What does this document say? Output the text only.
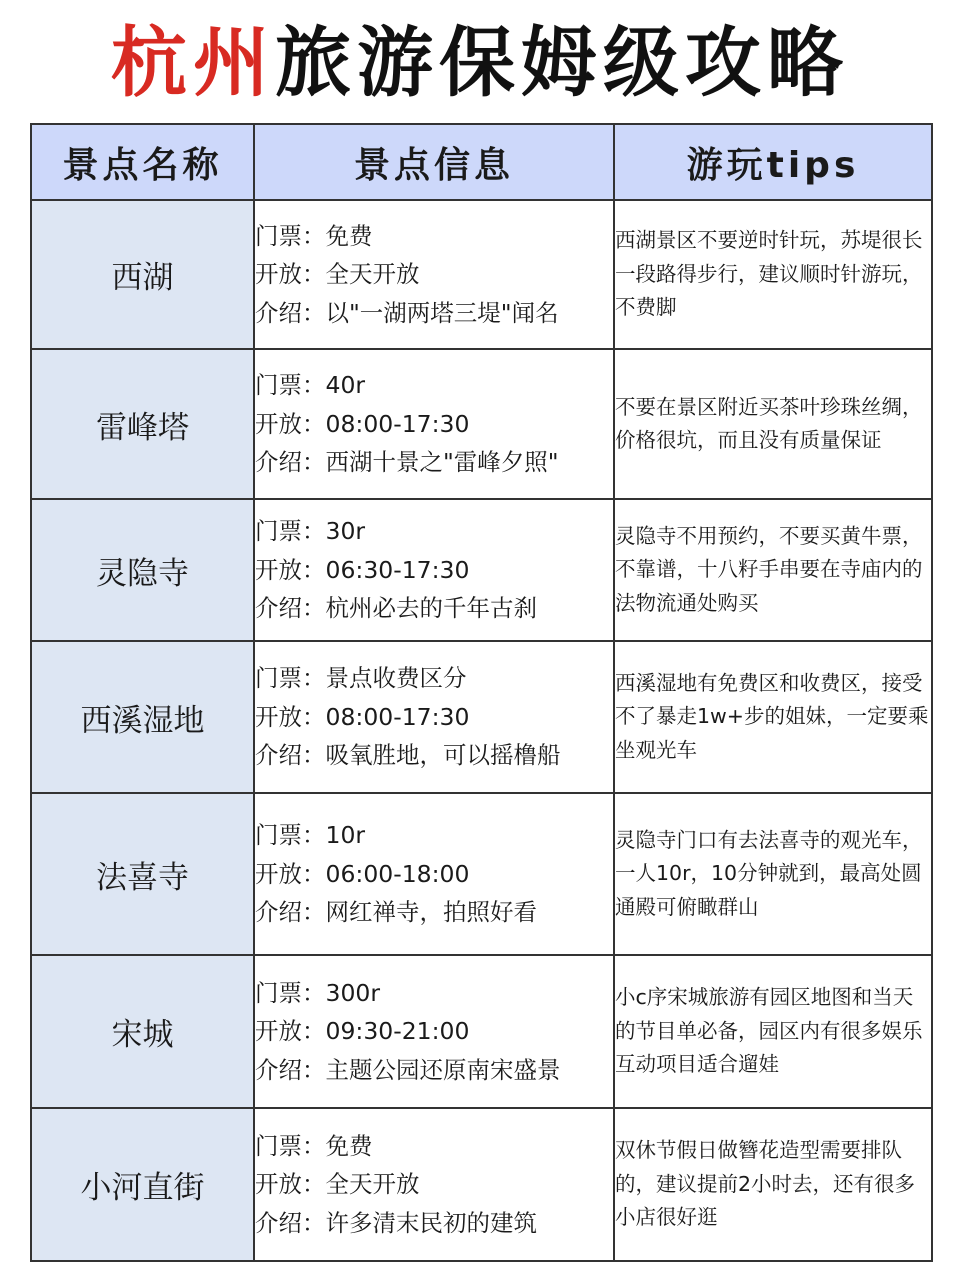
杭州 旅游保姆级攻略
景点名称	景点信息	游玩tips
西湖	门票：免费
开放：全天开放
介绍：以"一湖两塔三堤"闻名	西湖景区不要逆时针玩，苏堤很长一段路得步行，建议顺时针游玩，不费脚
雷峰塔	门票：40r
开放：08:00-17:30
介绍：西湖十景之"雷峰夕照"	不要在景区附近买茶叶珍珠丝绸，价格很坑，而且没有质量保证
灵隐寺	门票：30r
开放：06:30-17:30
介绍：杭州必去的千年古刹	灵隐寺不用预约，不要买黄牛票，不靠谱，十八籽手串要在寺庙内的法物流通处购买
西溪湿地	门票：景点收费区分
开放：08:00-17:30
介绍：吸氧胜地，可以摇橹船	西溪湿地有免费区和收费区，接受不了暴走1w+步的姐妹，一定要乘坐观光车
法喜寺	门票：10r
开放：06:00-18:00
介绍：网红禅寺，拍照好看	灵隐寺门口有去法喜寺的观光车，一人10r，10分钟就到，最高处圆通殿可俯瞰群山
宋城	门票：300r
开放：09:30-21:00
介绍：主题公园还原南宋盛景	小c序宋城旅游有园区地图和当天的节目单必备，园区内有很多娱乐互动项目适合遛娃
小河直街	门票：免费
开放：全天开放
介绍：许多清末民初的建筑	双休节假日做簪花造型需要排队的，建议提前2小时去，还有很多小店很好逛
